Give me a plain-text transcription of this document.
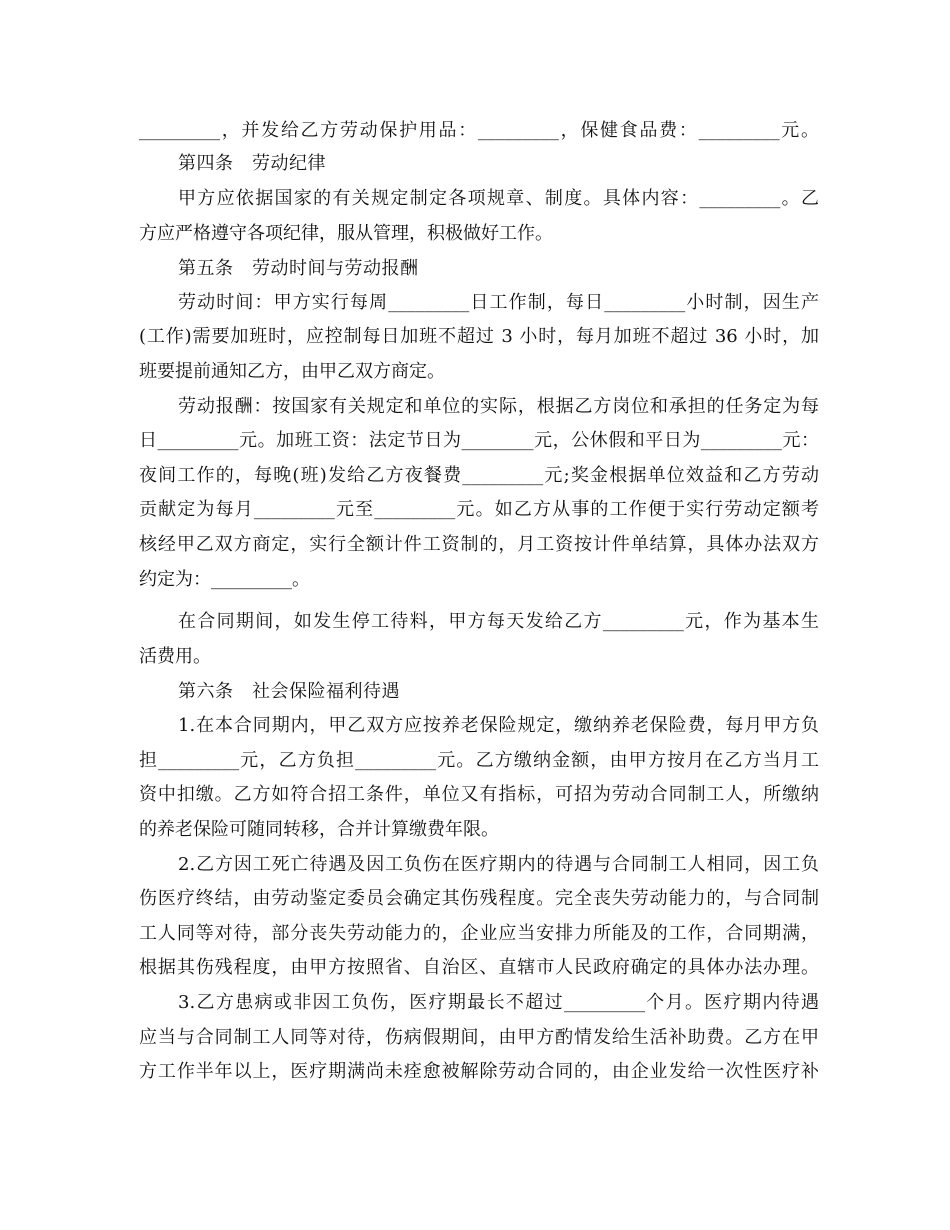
_________，并发给乙方劳动保护用品：_________，保健食品费：_________元。
第四条　劳动纪律
甲方应依据国家的有关规定制定各项规章、制度。具体内容：_________。乙
方应严格遵守各项纪律，服从管理，积极做好工作。
第五条　劳动时间与劳动报酬
劳动时间：甲方实行每周_________日工作制，每日_________小时制，因生产
(工作)需要加班时，应控制每日加班不超过 3 小时，每月加班不超过 36 小时，加
班要提前通知乙方，由甲乙双方商定。
劳动报酬：按国家有关规定和单位的实际，根据乙方岗位和承担的任务定为每
日_________元。加班工资：法定节日为________元，公休假和平日为_________元：
夜间工作的，每晚(班)发给乙方夜餐费_________元;奖金根据单位效益和乙方劳动
贡献定为每月_________元至_________元。如乙方从事的工作便于实行劳动定额考
核经甲乙双方商定，实行全额计件工资制的，月工资按计件单结算，具体办法双方
约定为：_________。
在合同期间，如发生停工待料，甲方每天发给乙方_________元，作为基本生
活费用。
第六条　社会保险福利待遇
1.在本合同期内，甲乙双方应按养老保险规定，缴纳养老保险费，每月甲方负
担_________元，乙方负担_________元。乙方缴纳金额，由甲方按月在乙方当月工
资中扣缴。乙方如符合招工条件，单位又有指标，可招为劳动合同制工人，所缴纳
的养老保险可随同转移，合并计算缴费年限。
2.乙方因工死亡待遇及因工负伤在医疗期内的待遇与合同制工人相同，因工负
伤医疗终结，由劳动鉴定委员会确定其伤残程度。完全丧失劳动能力的，与合同制
工人同等对待，部分丧失劳动能力的，企业应当安排力所能及的工作，合同期满，
根据其伤残程度，由甲方按照省、自治区、直辖市人民政府确定的具体办法办理。
3.乙方患病或非因工负伤，医疗期最长不超过_________个月。医疗期内待遇
应当与合同制工人同等对待，伤病假期间，由甲方酌情发给生活补助费。乙方在甲
方工作半年以上，医疗期满尚未痊愈被解除劳动合同的，由企业发给一次性医疗补
